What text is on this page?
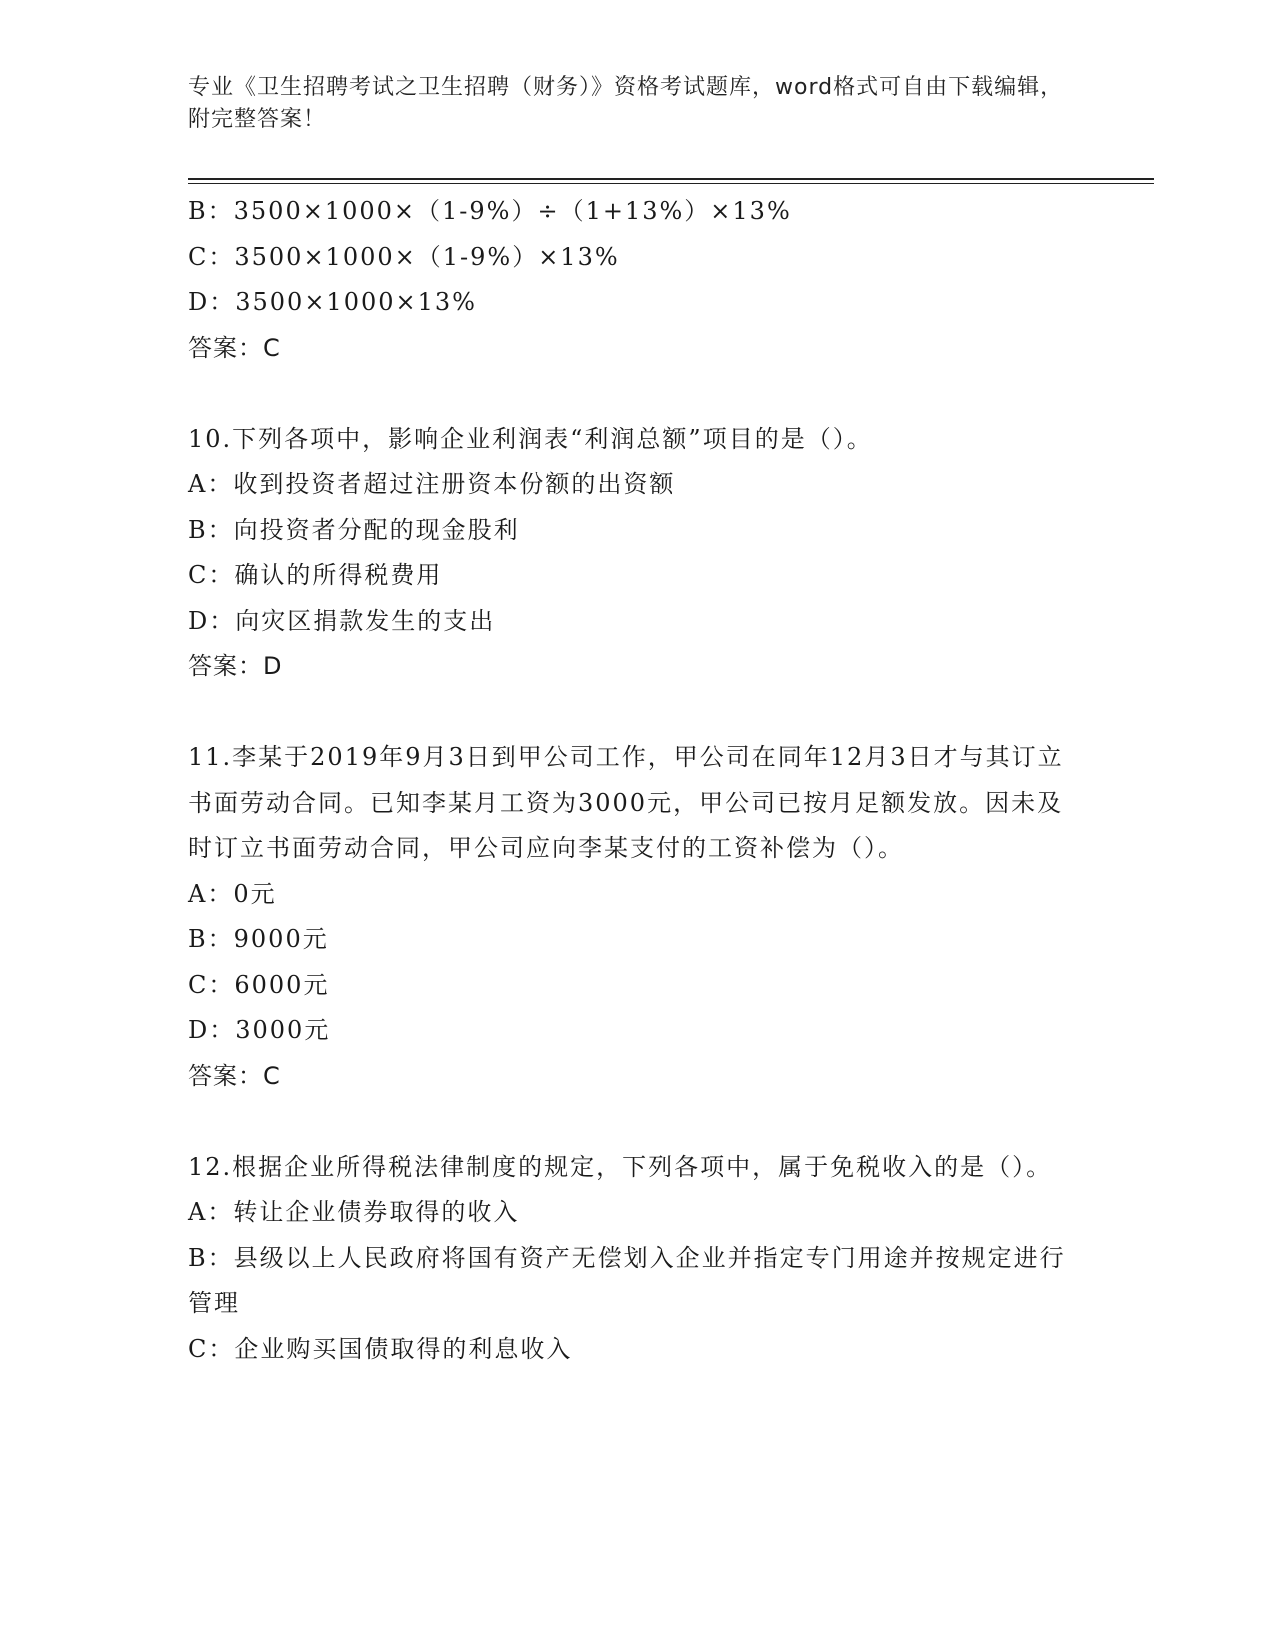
专业《卫生招聘考试之卫生招聘（财务）》资格考试题库，word格式可自由下载编辑，附完整答案！
B：3500×1000×（1-9%）÷（1+13%）×13%
C：3500×1000×（1-9%）×13%
D：3500×1000×13%
答案：C
10.下列各项中，影响企业利润表“利润总额”项目的是（）。
A：收到投资者超过注册资本份额的出资额
B：向投资者分配的现金股利
C：确认的所得税费用
D：向灾区捐款发生的支出
答案：D
11.李某于2019年9月3日到甲公司工作，甲公司在同年12月3日才与其订立书面劳动合同。已知李某月工资为3000元，甲公司已按月足额发放。因未及时订立书面劳动合同，甲公司应向李某支付的工资补偿为（）。
A：0元
B：9000元
C：6000元
D：3000元
答案：C
12.根据企业所得税法律制度的规定，下列各项中，属于免税收入的是（）。
A：转让企业债券取得的收入
B：县级以上人民政府将国有资产无偿划入企业并指定专门用途并按规定进行管理
C：企业购买国债取得的利息收入
